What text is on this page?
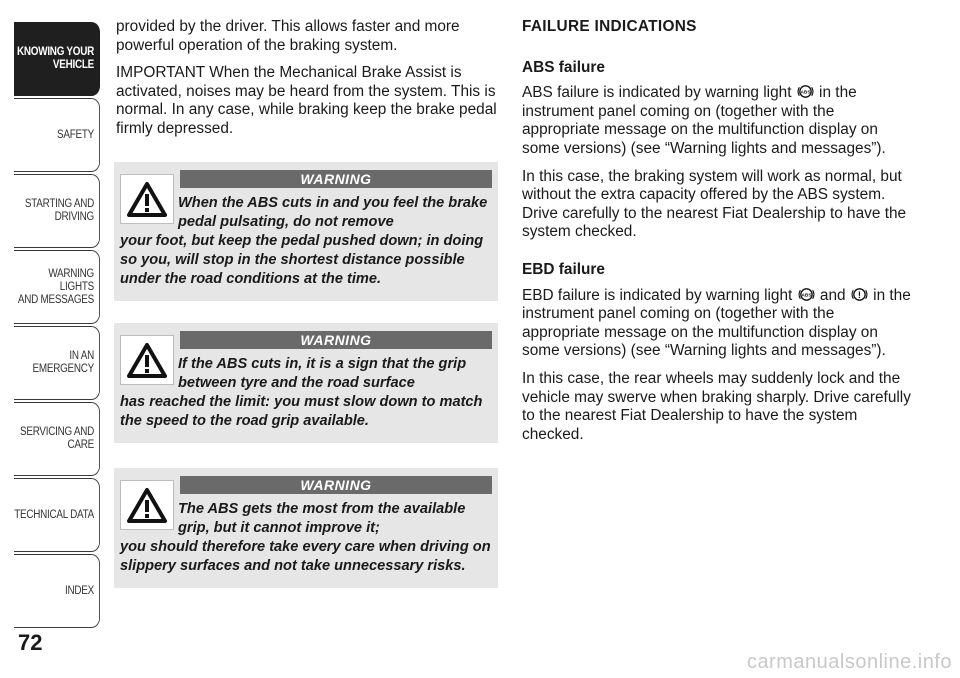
KNOWING YOUR
VEHICLE
SAFETY
STARTING AND
DRIVING
WARNING LIGHTS
AND MESSAGES
IN AN EMERGENCY
SERVICING AND
CARE
TECHNICAL DATA
INDEX
72

provided by the driver. This allows faster and more powerful operation of the braking system.

IMPORTANT When the Mechanical Brake Assist is activated, noises may be heard from the system. This is normal. In any case, while braking keep the brake pedal firmly depressed.

WARNING
When the ABS cuts in and you feel the brake pedal pulsating, do not remove
your foot, but keep the pedal pushed down; in doing so you, will stop in the shortest distance possible under the road conditions at the time.
WARNING
If the ABS cuts in, it is a sign that the grip between tyre and the road surface
has reached the limit: you must slow down to match the speed to the road grip available.
WARNING
The ABS gets the most from the available grip, but it cannot improve it;
you should therefore take every care when driving on slippery surfaces and not take unnecessary risks.
FAILURE INDICATIONS
ABS failure

ABS failure is indicated by warning light ABS in the instrument panel coming on (together with the appropriate message on the multifunction display on some versions) (see “Warning lights and messages”).

In this case, the braking system will work as normal, but without the extra capacity offered by the ABS system. Drive carefully to the nearest Fiat Dealership to have the system checked.

EBD failure

EBD failure is indicated by warning light ABS and ! in the instrument panel coming on (together with the appropriate message on the multifunction display on some versions) (see “Warning lights and messages”).

In this case, the rear wheels may suddenly lock and the vehicle may swerve when braking sharply. Drive carefully to the nearest Fiat Dealership to have the system checked.

carmanualsonline.info
